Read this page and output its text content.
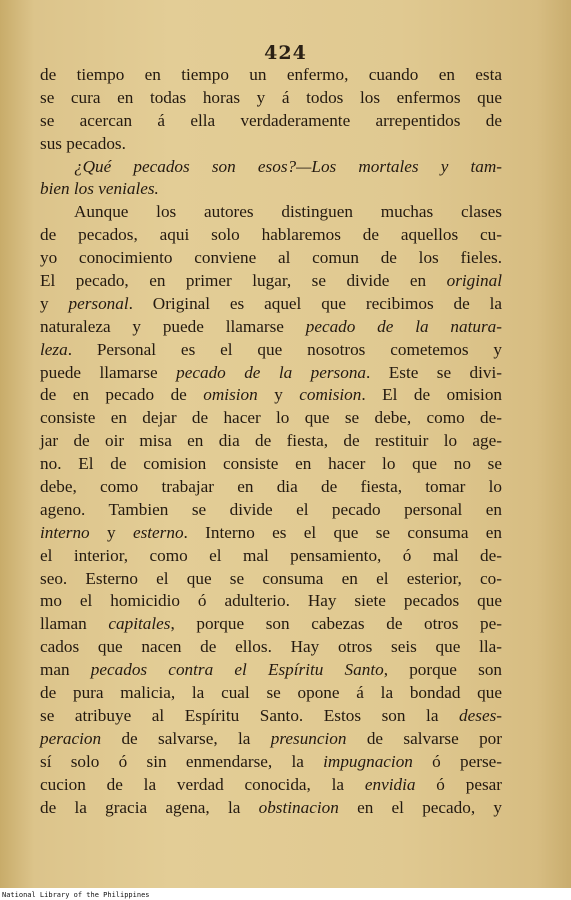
424
de tiempo en tiempo un enfermo, cuando en esta
se cura en todas horas y á todos los enfermos que
se acercan á ella verdaderamente arrepentidos de
sus pecados.
¿Qué pecados son esos?—Los mortales y tam-
bien los veniales.
Aunque los autores distinguen muchas clases
de pecados, aqui solo hablaremos de aquellos cu-
yo conocimiento conviene al comun de los fieles.
El pecado, en primer lugar, se divide en original
y personal. Original es aquel que recibimos de la
naturaleza y puede llamarse pecado de la natura-
leza. Personal es el que nosotros cometemos y
puede llamarse pecado de la persona. Este se divi-
de en pecado de omision y comision. El de omision
consiste en dejar de hacer lo que se debe, como de-
jar de oir misa en dia de fiesta, de restituir lo age-
no. El de comision consiste en hacer lo que no se
debe, como trabajar en dia de fiesta, tomar lo
ageno. Tambien se divide el pecado personal en
interno y esterno. Interno es el que se consuma en
el interior, como el mal pensamiento, ó mal de-
seo. Esterno el que se consuma en el esterior, co-
mo el homicidio ó adulterio. Hay siete pecados que
llaman capitales, porque son cabezas de otros pe-
cados que nacen de ellos. Hay otros seis que lla-
man pecados contra el Espíritu Santo, porque son
de pura malicia, la cual se opone á la bondad que
se atribuye al Espíritu Santo. Estos son la deses-
peracion de salvarse, la presuncion de salvarse por
sí solo ó sin enmendarse, la impugnacion ó perse-
cucion de la verdad conocida, la envidia ó pesar
de la gracia agena, la obstinacion en el pecado, y
National Library of the Philippines
